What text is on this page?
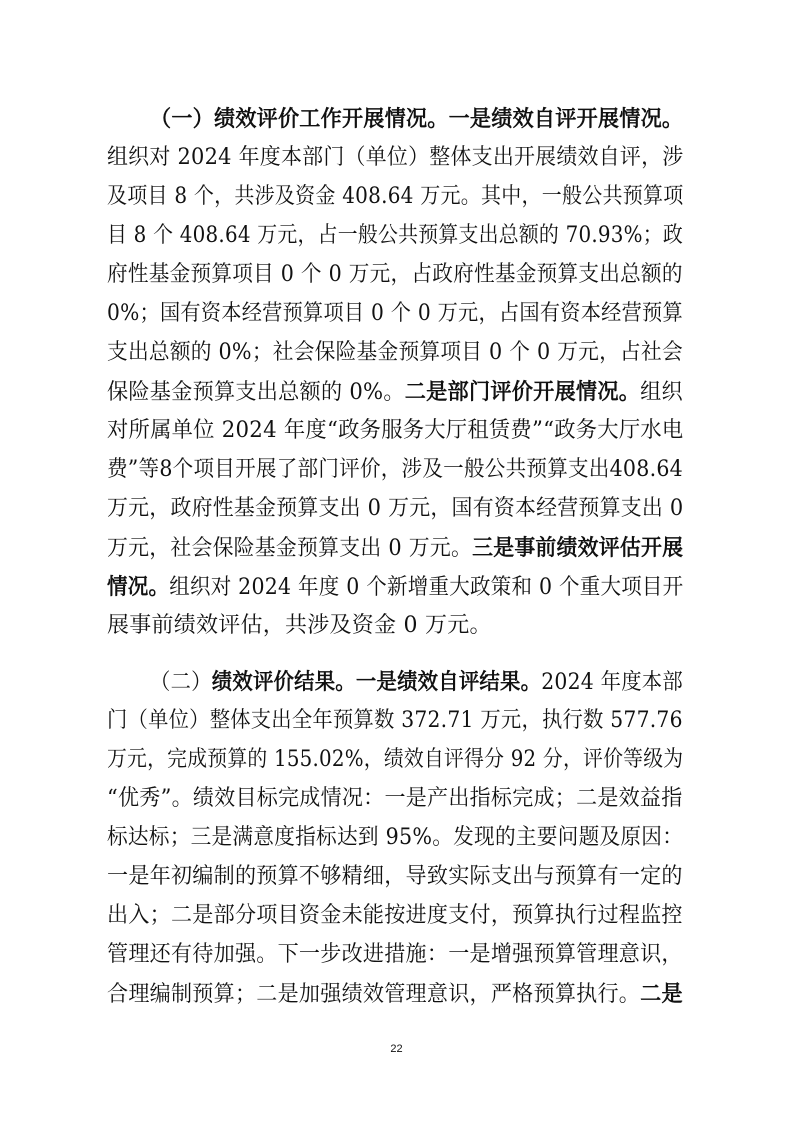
（一）绩效评价工作开展情况。一是绩效自评开展情况。
组织对 2024 年度本部门（单位）整体支出开展绩效自评，涉
及项目 8 个，共涉及资金 408.64 万元。其中，一般公共预算项
目 8 个 408.64 万元，占一般公共预算支出总额的 70.93%；政
府性基金预算项目 0 个 0 万元，占政府性基金预算支出总额的
0%；国有资本经营预算项目 0 个 0 万元，占国有资本经营预算
支出总额的 0%；社会保险基金预算项目 0 个 0 万元，占社会
保险基金预算支出总额的 0%。二是部门评价开展情况。组织
对所属单位 2024 年度“政务服务大厅租赁费”“政务大厅水电
费”等8个项目开展了部门评价，涉及一般公共预算支出408.64
万元，政府性基金预算支出 0 万元，国有资本经营预算支出 0
万元，社会保险基金预算支出 0 万元。三是事前绩效评估开展
情况。组织对 2024 年度 0 个新增重大政策和 0 个重大项目开
展事前绩效评估，共涉及资金 0 万元。
（二）绩效评价结果。一是绩效自评结果。2024 年度本部
门（单位）整体支出全年预算数 372.71 万元，执行数 577.76
万元，完成预算的 155.02%，绩效自评得分 92 分，评价等级为
“优秀”。绩效目标完成情况：一是产出指标完成；二是效益指
标达标；三是满意度指标达到 95%。发现的主要问题及原因：
一是年初编制的预算不够精细，导致实际支出与预算有一定的
出入；二是部分项目资金未能按进度支付，预算执行过程监控
管理还有待加强。下一步改进措施：一是增强预算管理意识，
合理编制预算；二是加强绩效管理意识，严格预算执行。二是
22
